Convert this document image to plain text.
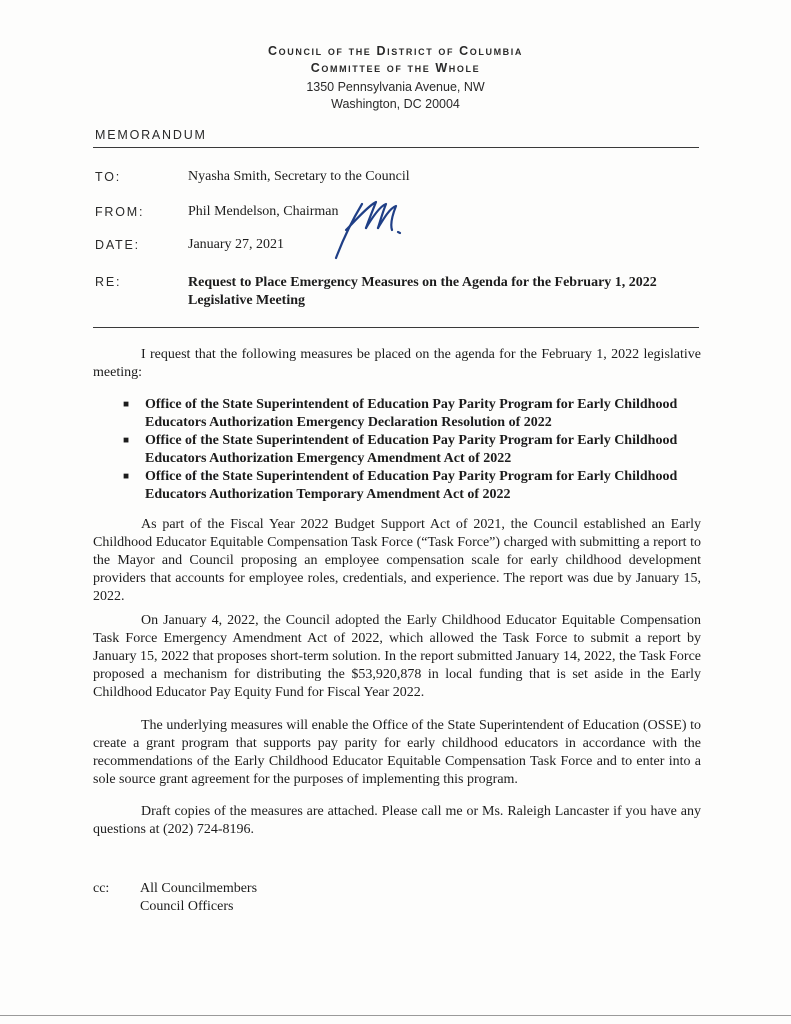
Council of the District of Columbia
Committee of the Whole
1350 Pennsylvania Avenue, NW
Washington, DC 20004
MEMORANDUM
TO:	Nyasha Smith, Secretary to the Council
FROM:	Phil Mendelson, Chairman
DATE:	January 27, 2021
RE:	Request to Place Emergency Measures on the Agenda for the February 1, 2022 Legislative Meeting
I request that the following measures be placed on the agenda for the February 1, 2022 legislative meeting:
■ Office of the State Superintendent of Education Pay Parity Program for Early Childhood Educators Authorization Emergency Declaration Resolution of 2022
■ Office of the State Superintendent of Education Pay Parity Program for Early Childhood Educators Authorization Emergency Amendment Act of 2022
■ Office of the State Superintendent of Education Pay Parity Program for Early Childhood Educators Authorization Temporary Amendment Act of 2022
As part of the Fiscal Year 2022 Budget Support Act of 2021, the Council established an Early Childhood Educator Equitable Compensation Task Force (“Task Force”) charged with submitting a report to the Mayor and Council proposing an employee compensation scale for early childhood development providers that accounts for employee roles, credentials, and experience. The report was due by January 15, 2022.
On January 4, 2022, the Council adopted the Early Childhood Educator Equitable Compensation Task Force Emergency Amendment Act of 2022, which allowed the Task Force to submit a report by January 15, 2022 that proposes short-term solution. In the report submitted January 14, 2022, the Task Force proposed a mechanism for distributing the $53,920,878 in local funding that is set aside in the Early Childhood Educator Pay Equity Fund for Fiscal Year 2022.
The underlying measures will enable the Office of the State Superintendent of Education (OSSE) to create a grant program that supports pay parity for early childhood educators in accordance with the recommendations of the Early Childhood Educator Equitable Compensation Task Force and to enter into a sole source grant agreement for the purposes of implementing this program.
Draft copies of the measures are attached. Please call me or Ms. Raleigh Lancaster if you have any questions at (202) 724-8196.
cc: All Councilmembers
Council Officers
